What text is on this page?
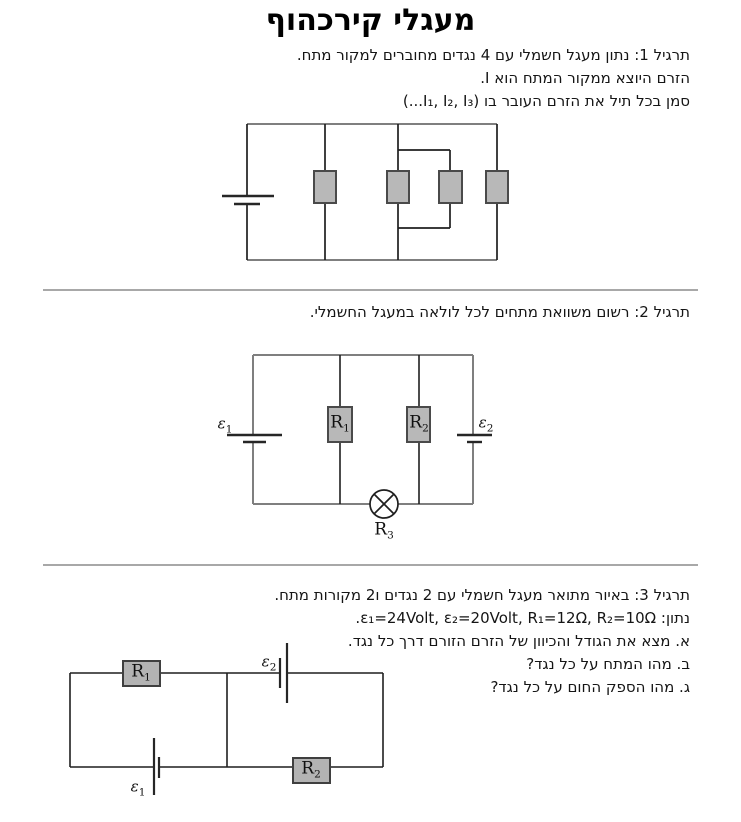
מעגלי קירכהוף
תרגיל 1: נתון מעגל חשמלי עם 4 נגדים מחוברים למקור מתח.
הזרם היוצא ממקור המתח הוא I.
סמן בכל תיל את הזרם העובר בו (I₁, I₂, I₃...)
תרגיל 2: רשום משוואת מתחים לכל לולאה במעגל החשמלי.
$\varepsilon_1$	$R_1$	$R_2$	$\varepsilon_2$
$R_3$
תרגיל 3: באיור מתואר מעגל חשמלי עם 2 נגדים ו2 מקורות מתח.
נתון: ε₁=24Volt, ε₂=20Volt, R₁=12Ω, R₂=10Ω.
א. מצא את הגודל והכיוון של הזרם הזורם דרך כל נגד.
ב. מהו המתח על כל נגד?
ג. מהו הספק החום על כל נגד?
$R_1$
$\varepsilon_2$
$\varepsilon_1$
$R_2$
